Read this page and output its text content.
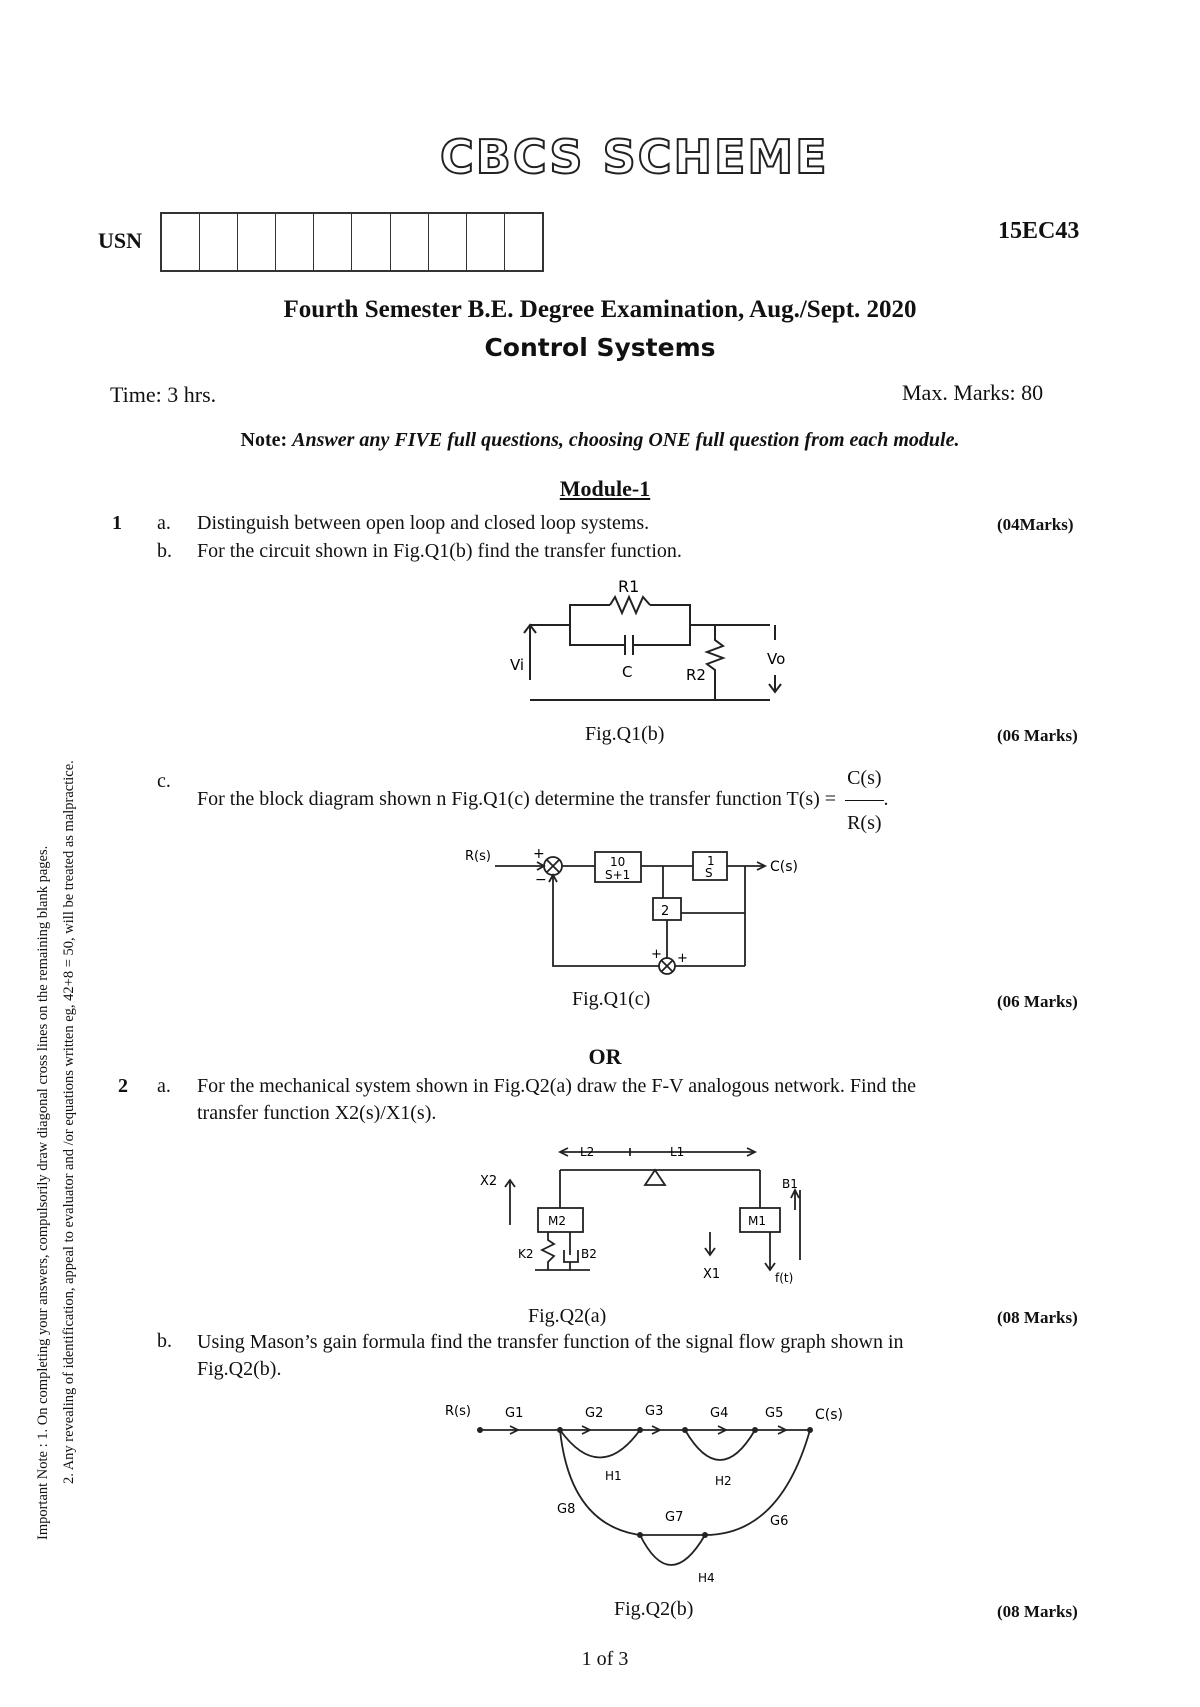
Important Note : 1. On completing your answers, compulsorily draw diagonal cross lines on the remaining blank pages. 2. Any revealing of identification, appeal to evaluator and /or equations written eg, 42+8 = 50, will be treated as malpractice.
CBCS SCHEME
USN	15EC43
Fourth Semester B.E. Degree Examination, Aug./Sept. 2020
Control Systems
Time: 3 hrs.	Max. Marks: 80
Note: Answer any FIVE full questions, choosing ONE full question from each module.
Module-1
1 a. Distinguish between open loop and closed loop systems.	(04Marks)
b. For the circuit shown in Fig.Q1(b) find the transfer function.
R1
C	R2
Vi	Vo
Fig.Q1(b)	(06 Marks)
c.
For the block diagram shown n Fig.Q1(c) determine the transfer function $T(s) = \frac{C(s)}{R(s)}$ .
R(s)
C(s)
10
S+1
1
S
2
+
−
+ +
Fig.Q1(c)	(06 Marks)
OR
2 a. For the mechanical system shown in Fig.Q2(a) draw the F-V analogous network. Find the
transfer function X2(s)/X1(s).
L2	L1
X2
X1
M2	M1
K2	B2
B1
f(t)
Fig.Q2(a)	(08 Marks)
b. Using Mason’s gain formula find the transfer function of the signal flow graph shown in
Fig.Q2(b).
R(s)	C(s)
G1	G2	G3	G4	G5
H1	H2
G6
G7
G8
H4
Fig.Q2(b)	(08 Marks)
1 of 3
